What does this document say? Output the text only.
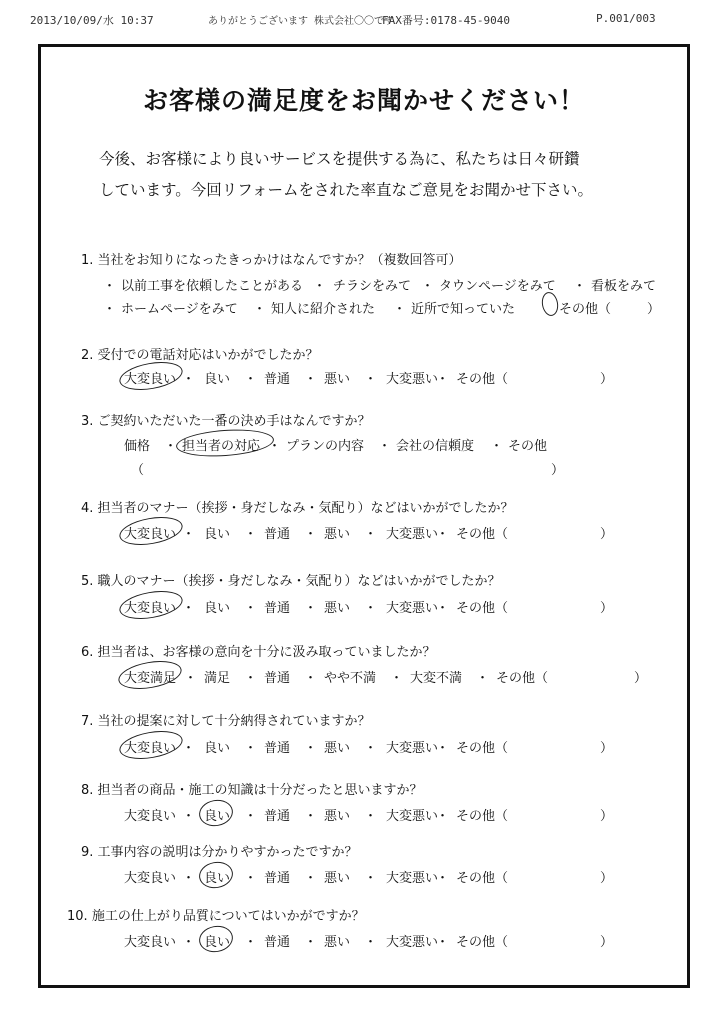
2013/10/09/水 10:37	ありがとうございます 株式会社〇〇です
FAX番号:0178-45-9040	P.001/003
お客様の満足度をお聞かせください！
今後、お客様により良いサービスを提供する為に、私たちは日々研鑽
しています。今回リフォームをされた率直なご意見をお聞かせ下さい。
1. 当社をお知りになったきっかけはなんですか？（複数回答可）
・ 以前工事を依頼したことがある ・ チラシをみて ・ タウンページをみて ・ 看板をみて
・ ホームページをみて ・ 知人に紹介された ・ 近所で知っていた	その他（	）
2. 受付での電話対応はいかがでしたか？
大変良い ・ 良い ・ 普通 ・ 悪い ・ 大変悪い
・ その他（	）
3. ご契約いただいた一番の決め手はなんですか？
価格 ・ 担当者の対応 ・ プランの内容 ・ 会社の信頼度 ・ その他
（	）
4. 担当者のマナー（挨拶・身だしなみ・気配り）などはいかがでしたか？
大変良い ・ 良い ・ 普通 ・ 悪い ・ 大変悪い
・ その他（	）
5. 職人のマナー（挨拶・身だしなみ・気配り）などはいかがでしたか？
大変良い ・ 良い ・ 普通 ・ 悪い ・ 大変悪い
・ その他（	）
6. 担当者は、お客様の意向を十分に汲み取っていましたか？
大変満足 ・ 満足 ・ 普通 ・ やや不満 ・ 大変不満 ・ その他（	）
7. 当社の提案に対して十分納得されていますか？
大変良い ・ 良い ・ 普通 ・ 悪い ・ 大変悪い
・ その他（	）
8. 担当者の商品・施工の知識は十分だったと思いますか？
大変良い ・ 良い ・ 普通 ・ 悪い ・ 大変悪い
・ その他（	）
9. 工事内容の説明は分かりやすかったですか？
大変良い ・ 良い ・ 普通 ・ 悪い ・ 大変悪い
・ その他（	）
10. 施工の仕上がり品質についてはいかがですか？
大変良い ・ 良い ・ 普通 ・ 悪い ・ 大変悪い
・ その他（	）
